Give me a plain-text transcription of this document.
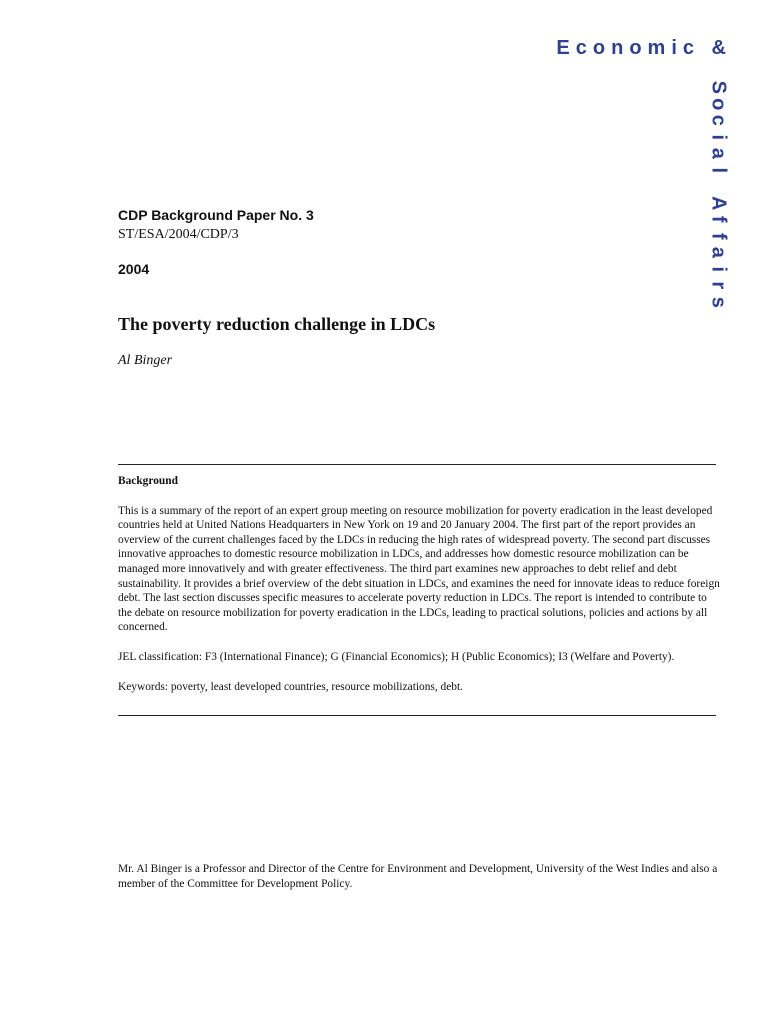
Economic &
S
o
c
i
a
l

A
f
f
a
i
r
s
CDP Background Paper No. 3
ST/ESA/2004/CDP/3
2004
The poverty reduction challenge in LDCs
Al Binger

Background

This is a summary of the report of an expert group meeting on resource mobilization for poverty eradication in the least developed countries held at United Nations Headquarters in New York on 19 and 20 January 2004. The first part of the report provides an overview of the current challenges faced by the LDCs in reducing the high rates of widespread poverty. The second part discusses innovative approaches to domestic resource mobilization in LDCs, and addresses how domestic resource mobilization can be managed more innovatively and with greater effectiveness. The third part examines new approaches to debt relief and debt sustainability. It provides a brief overview of the debt situation in LDCs, and examines the need for innovate ideas to reduce foreign debt. The last section discusses specific measures to accelerate poverty reduction in LDCs. The report is intended to contribute to the debate on resource mobilization for poverty eradication in the LDCs, leading to practical solutions, policies and actions by all concerned.

JEL classification: F3 (International Finance); G (Financial Economics); H (Public Economics); I3 (Welfare and Poverty).

Keywords: poverty, least developed countries, resource mobilizations, debt.

Mr. Al Binger is a Professor and Director of the Centre for Environment and Development, University of the West Indies and also a member of the Committee for Development Policy.
